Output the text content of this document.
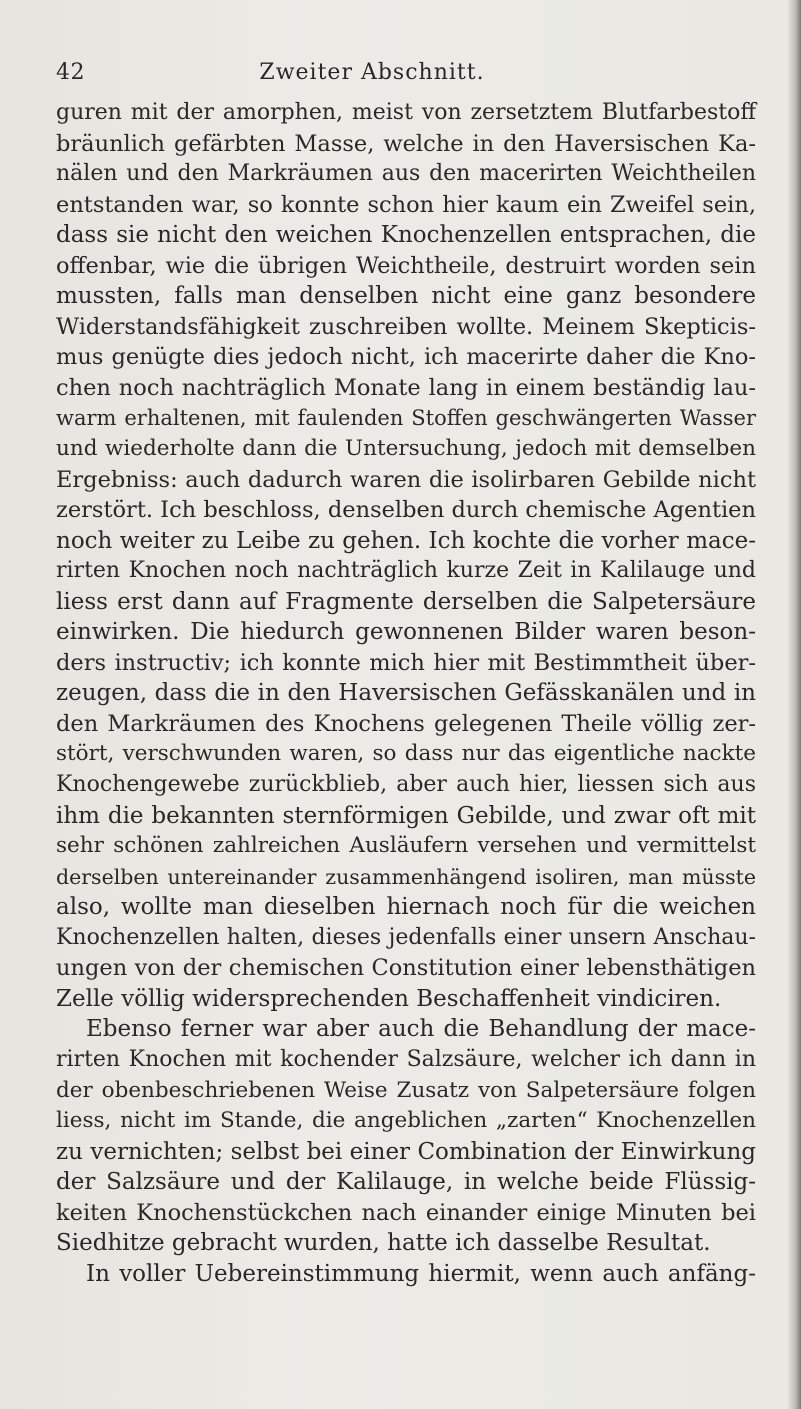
42	Zweiter Abschnitt.
guren mit der amorphen, meist von zersetztem Blutfarbestoff
bräunlich gefärbten Masse, welche in den Haversischen Ka-
nälen und den Markräumen aus den macerirten Weichtheilen
entstanden war, so konnte schon hier kaum ein Zweifel sein,
dass sie nicht den weichen Knochenzellen entsprachen, die
offenbar, wie die übrigen Weichtheile, destruirt worden sein
mussten, falls man denselben nicht eine ganz besondere
Widerstandsfähigkeit zuschreiben wollte. Meinem Skepticis-
mus genügte dies jedoch nicht, ich macerirte daher die Kno-
chen noch nachträglich Monate lang in einem beständig lau-
warm erhaltenen, mit faulenden Stoffen geschwängerten Wasser
und wiederholte dann die Untersuchung, jedoch mit demselben
Ergebniss: auch dadurch waren die isolirbaren Gebilde nicht
zerstört. Ich beschloss, denselben durch chemische Agentien
noch weiter zu Leibe zu gehen. Ich kochte die vorher mace-
rirten Knochen noch nachträglich kurze Zeit in Kalilauge und
liess erst dann auf Fragmente derselben die Salpetersäure
einwirken. Die hiedurch gewonnenen Bilder waren beson-
ders instructiv; ich konnte mich hier mit Bestimmtheit über-
zeugen, dass die in den Haversischen Gefässkanälen und in
den Markräumen des Knochens gelegenen Theile völlig zer-
stört, verschwunden waren, so dass nur das eigentliche nackte
Knochengewebe zurückblieb, aber auch hier, liessen sich aus
ihm die bekannten sternförmigen Gebilde, und zwar oft mit
sehr schönen zahlreichen Ausläufern versehen und vermittelst
derselben untereinander zusammenhängend isoliren, man müsste
also, wollte man dieselben hiernach noch für die weichen
Knochenzellen halten, dieses jedenfalls einer unsern Anschau-
ungen von der chemischen Constitution einer lebensthätigen
Zelle völlig widersprechenden Beschaffenheit vindiciren.
Ebenso ferner war aber auch die Behandlung der mace-
rirten Knochen mit kochender Salzsäure, welcher ich dann in
der obenbeschriebenen Weise Zusatz von Salpetersäure folgen
liess, nicht im Stande, die angeblichen „zarten“ Knochenzellen
zu vernichten; selbst bei einer Combination der Einwirkung
der Salzsäure und der Kalilauge, in welche beide Flüssig-
keiten Knochenstückchen nach einander einige Minuten bei
Siedhitze gebracht wurden, hatte ich dasselbe Resultat.
In voller Uebereinstimmung hiermit, wenn auch anfäng-
